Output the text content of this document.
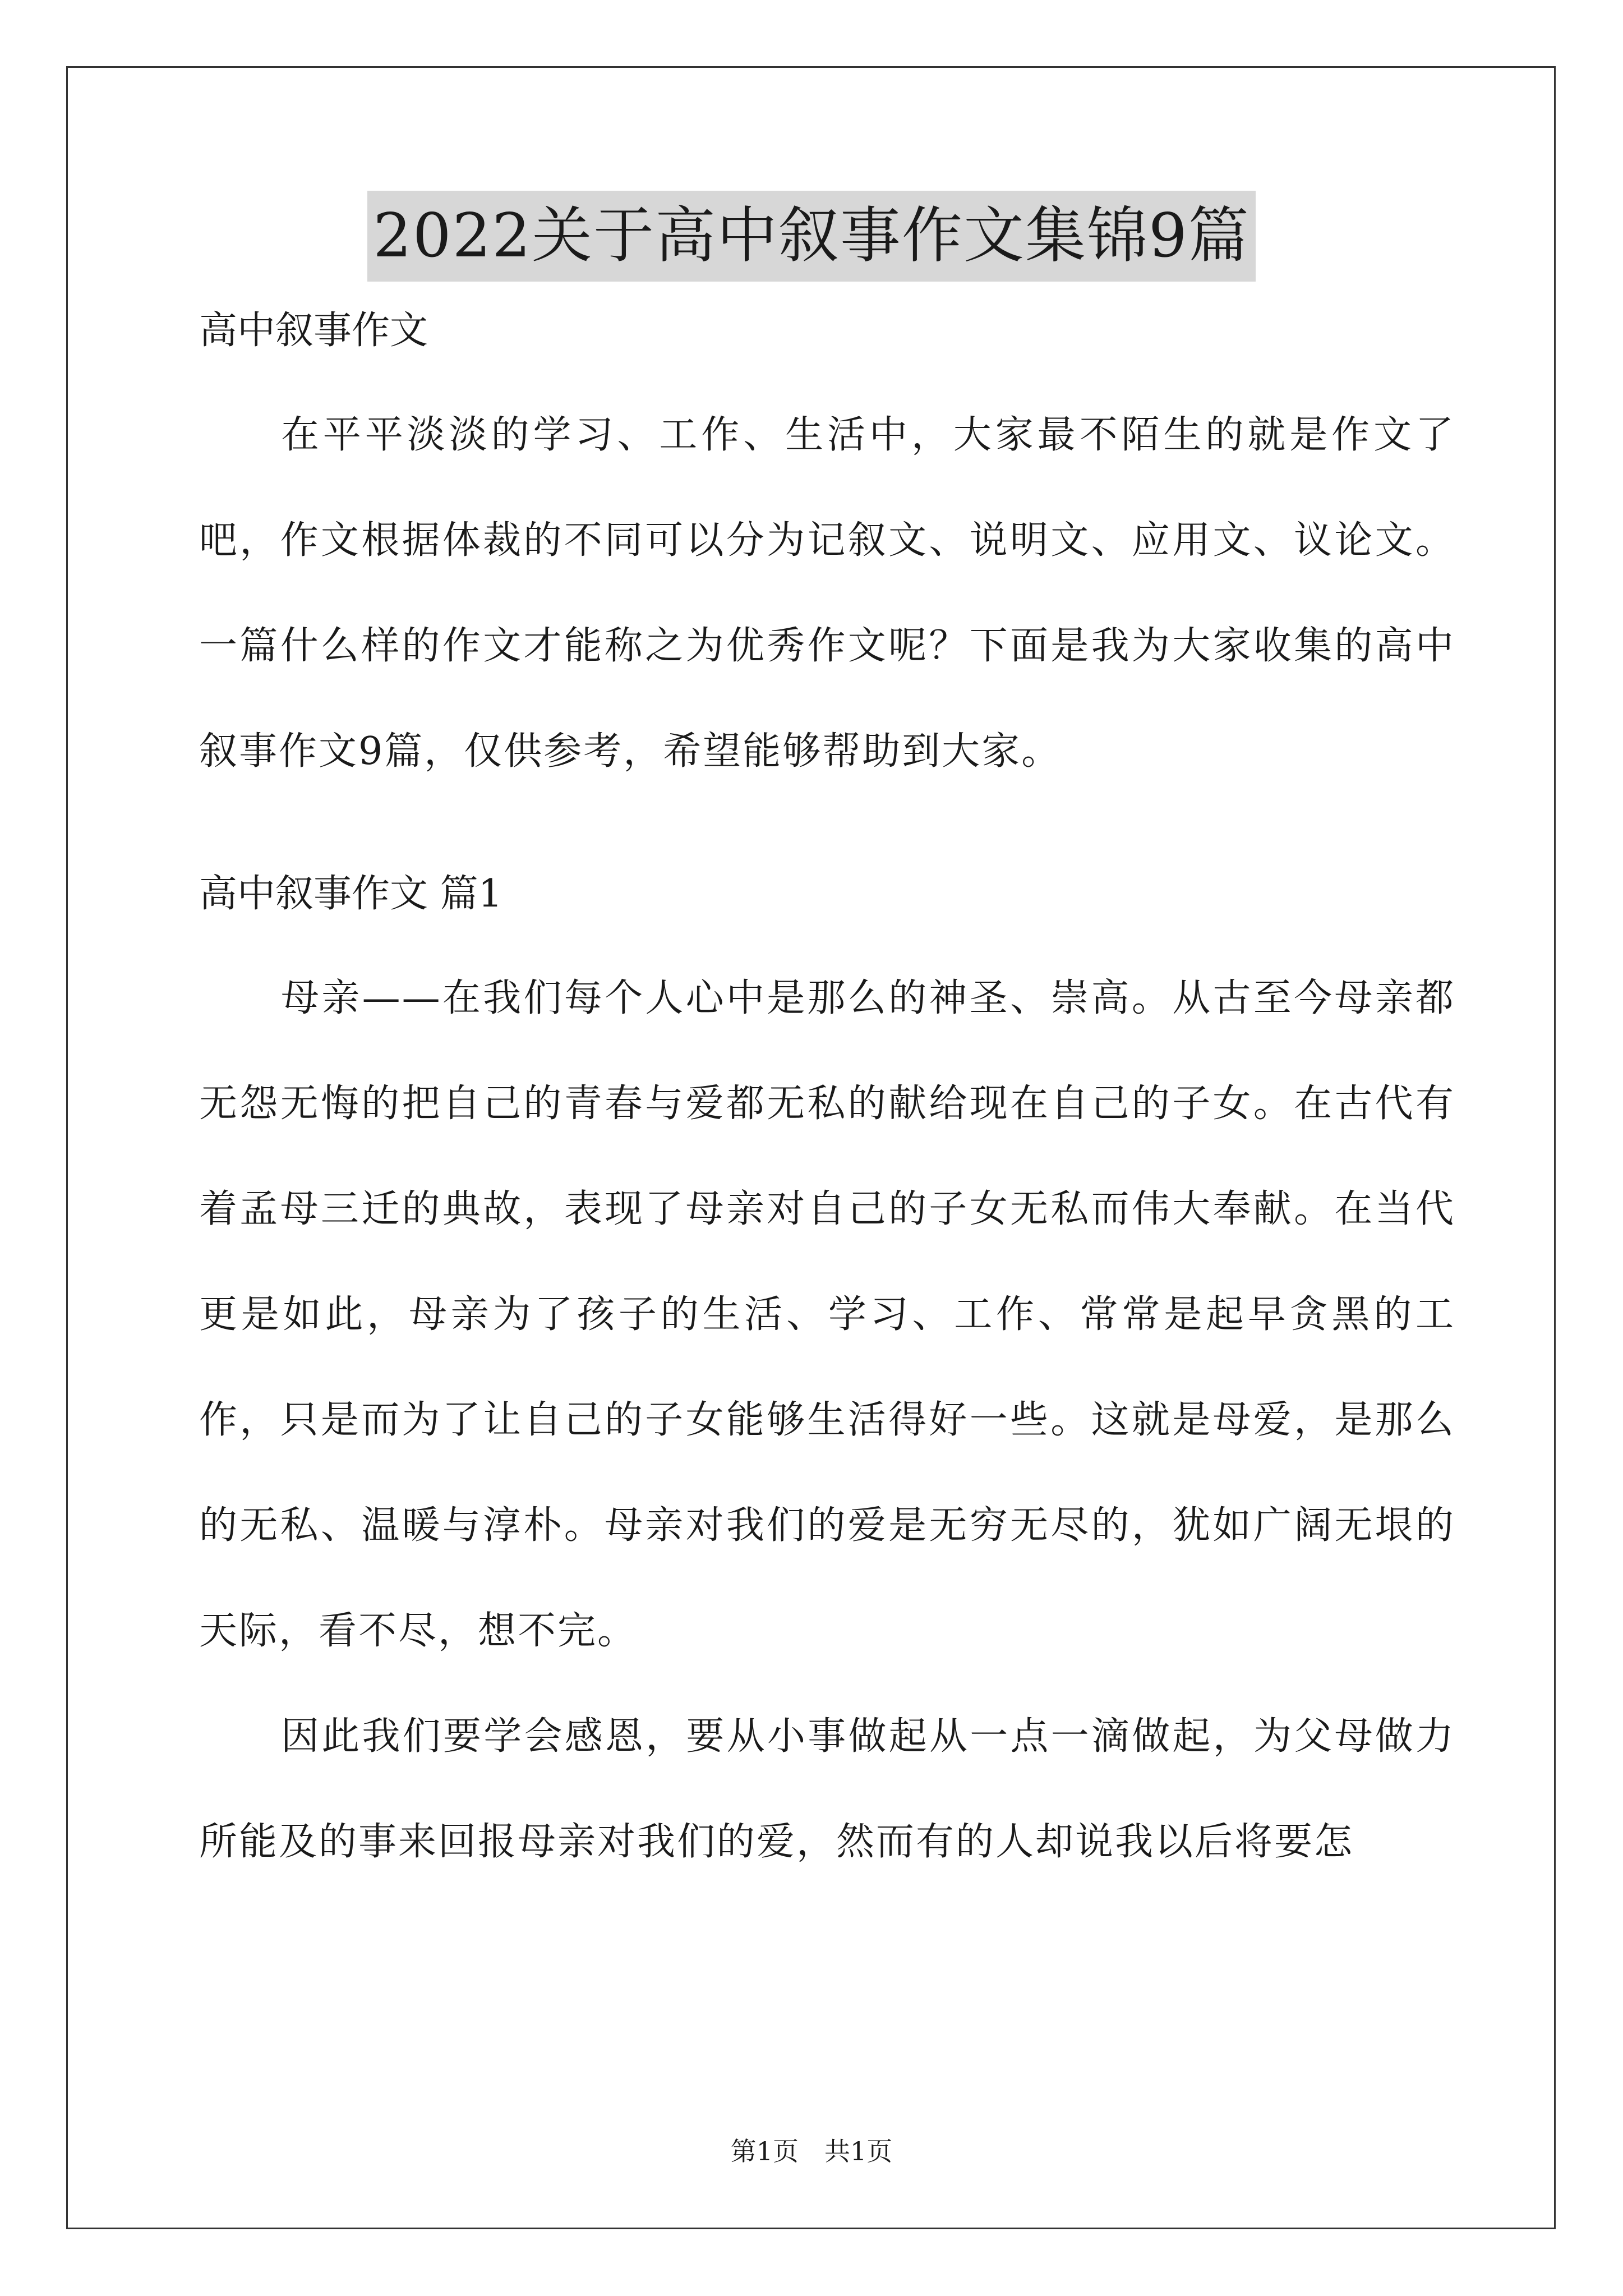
2022关于高中叙事作文集锦9篇

高中叙事作文

在平平淡淡的学习、工作、生活中，大家最不陌生的就是作文了吧，作文根据体裁的不同可以分为记叙文、说明文、应用文、议论文。一篇什么样的作文才能称之为优秀作文呢？下面是我为大家收集的高中叙事作文9篇，仅供参考，希望能够帮助到大家。

高中叙事作文 篇1

母亲——在我们每个人心中是那么的神圣、崇高。从古至今母亲都无怨无悔的把自己的青春与爱都无私的献给现在自己的子女。在古代有着孟母三迁的典故，表现了母亲对自己的子女无私而伟大奉献。在当代更是如此，母亲为了孩子的生活、学习、工作、常常是起早贪黑的工作，只是而为了让自己的子女能够生活得好一些。这就是母爱，是那么的无私、温暖与淳朴。母亲对我们的爱是无穷无尽的，犹如广阔无垠的天际，看不尽，想不完。

因此我们要学会感恩，要从小事做起从一点一滴做起，为父母做力所能及的事来回报母亲对我们的爱，然而有的人却说我以后将要怎

第1页　共1页
